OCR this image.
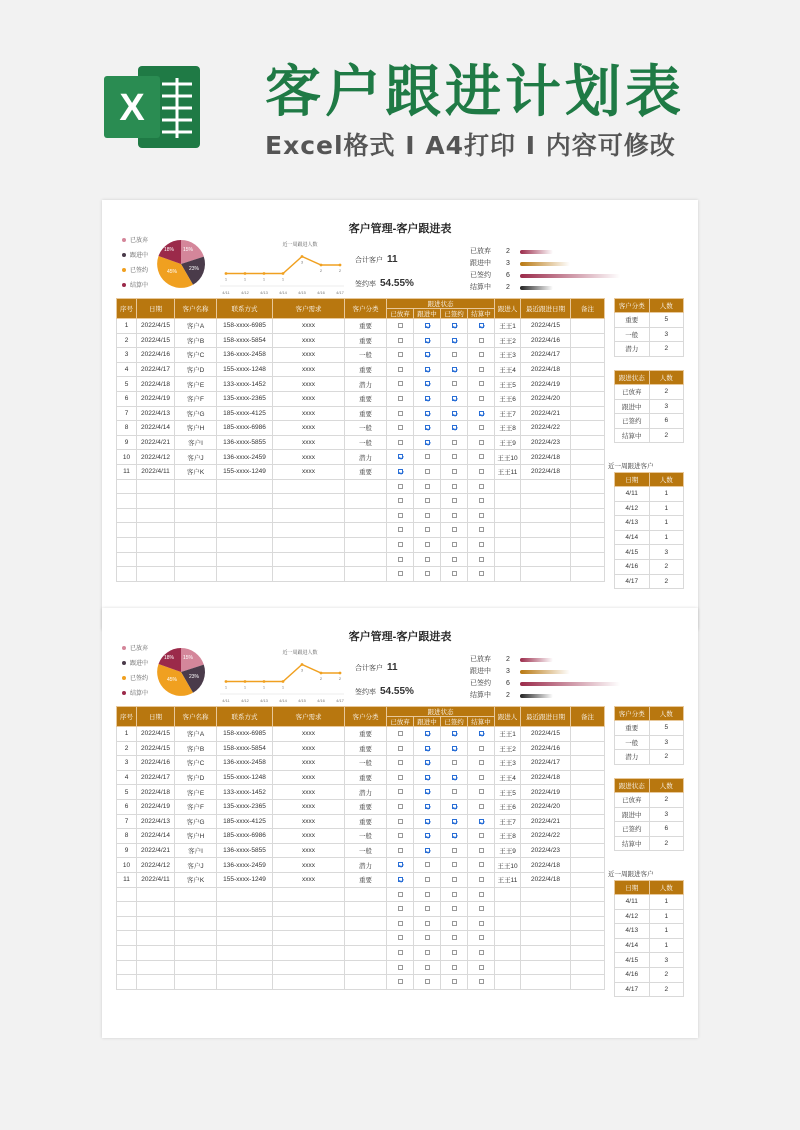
X 客户跟进计划表
Excel格式 I A4打印 I 内容可修改
客户管理-客户跟进表
已放弃
跟进中
已签约
结算中
15%
18%
23%
45%
近一周跟进人数
1
4/11
1
4/12
1
4/13
1
4/14
3
4/15
2
4/16
2
4/17
合计客户 11
签约率 54.55%
已放弃	2
跟进中	3
已签约	6
结算中	2
序号	日期	客户名称	联系方式	客户需求	客户分类	跟进状态				跟进人	最近跟进日期	备注
						已放弃	跟进中	已签约	结算中			
1	2022/4/15	客户A	158-xxxx-6985	xxxx	重要					王王1	2022/4/15	
2	2022/4/15	客户B	158-xxxx-5854	xxxx	重要					王王2	2022/4/16	
3	2022/4/16	客户C	136-xxxx-2458	xxxx	一般					王王3	2022/4/17	
4	2022/4/17	客户D	155-xxxx-1248	xxxx	重要					王王4	2022/4/18	
5	2022/4/18	客户E	133-xxxx-1452	xxxx	潜力					王王5	2022/4/19	
6	2022/4/19	客户F	135-xxxx-2365	xxxx	重要					王王6	2022/4/20	
7	2022/4/13	客户G	185-xxxx-4125	xxxx	重要					王王7	2022/4/21	
8	2022/4/14	客户H	185-xxxx-6986	xxxx	一般					王王8	2022/4/22	
9	2022/4/21	客户I	136-xxxx-5855	xxxx	一般					王王9	2022/4/23	
10	2022/4/12	客户J	136-xxxx-2459	xxxx	潜力					王王10	2022/4/18	
11	2022/4/11	客户K	155-xxxx-1249	xxxx	重要					王王11	2022/4/18	

客户分类	人数
重要	5
一般	3
潜力	2
跟进状态	人数
已放弃	2
跟进中	3
已签约	6
结算中	2
近一周跟进客户
日期	人数
4/11	1
4/12	1
4/13	1
4/14	1
4/15	3
4/16	2
4/17	2
客户管理-客户跟进表
已放弃
跟进中
已签约
结算中
15%
18%
23%
45%
近一周跟进人数
1
4/11
1
4/12
1
4/13
1
4/14
3
4/15
2
4/16
2
4/17
合计客户 11
签约率 54.55%
已放弃	2
跟进中	3
已签约	6
结算中	2
序号	日期	客户名称	联系方式	客户需求	客户分类	跟进状态				跟进人	最近跟进日期	备注
						已放弃	跟进中	已签约	结算中			
1	2022/4/15	客户A	158-xxxx-6985	xxxx	重要					王王1	2022/4/15	
2	2022/4/15	客户B	158-xxxx-5854	xxxx	重要					王王2	2022/4/16	
3	2022/4/16	客户C	136-xxxx-2458	xxxx	一般					王王3	2022/4/17	
4	2022/4/17	客户D	155-xxxx-1248	xxxx	重要					王王4	2022/4/18	
5	2022/4/18	客户E	133-xxxx-1452	xxxx	潜力					王王5	2022/4/19	
6	2022/4/19	客户F	135-xxxx-2365	xxxx	重要					王王6	2022/4/20	
7	2022/4/13	客户G	185-xxxx-4125	xxxx	重要					王王7	2022/4/21	
8	2022/4/14	客户H	185-xxxx-6986	xxxx	一般					王王8	2022/4/22	
9	2022/4/21	客户I	136-xxxx-5855	xxxx	一般					王王9	2022/4/23	
10	2022/4/12	客户J	136-xxxx-2459	xxxx	潜力					王王10	2022/4/18	
11	2022/4/11	客户K	155-xxxx-1249	xxxx	重要					王王11	2022/4/18	

客户分类	人数
重要	5
一般	3
潜力	2
跟进状态	人数
已放弃	2
跟进中	3
已签约	6
结算中	2
近一周跟进客户
日期	人数
4/11	1
4/12	1
4/13	1
4/14	1
4/15	3
4/16	2
4/17	2
